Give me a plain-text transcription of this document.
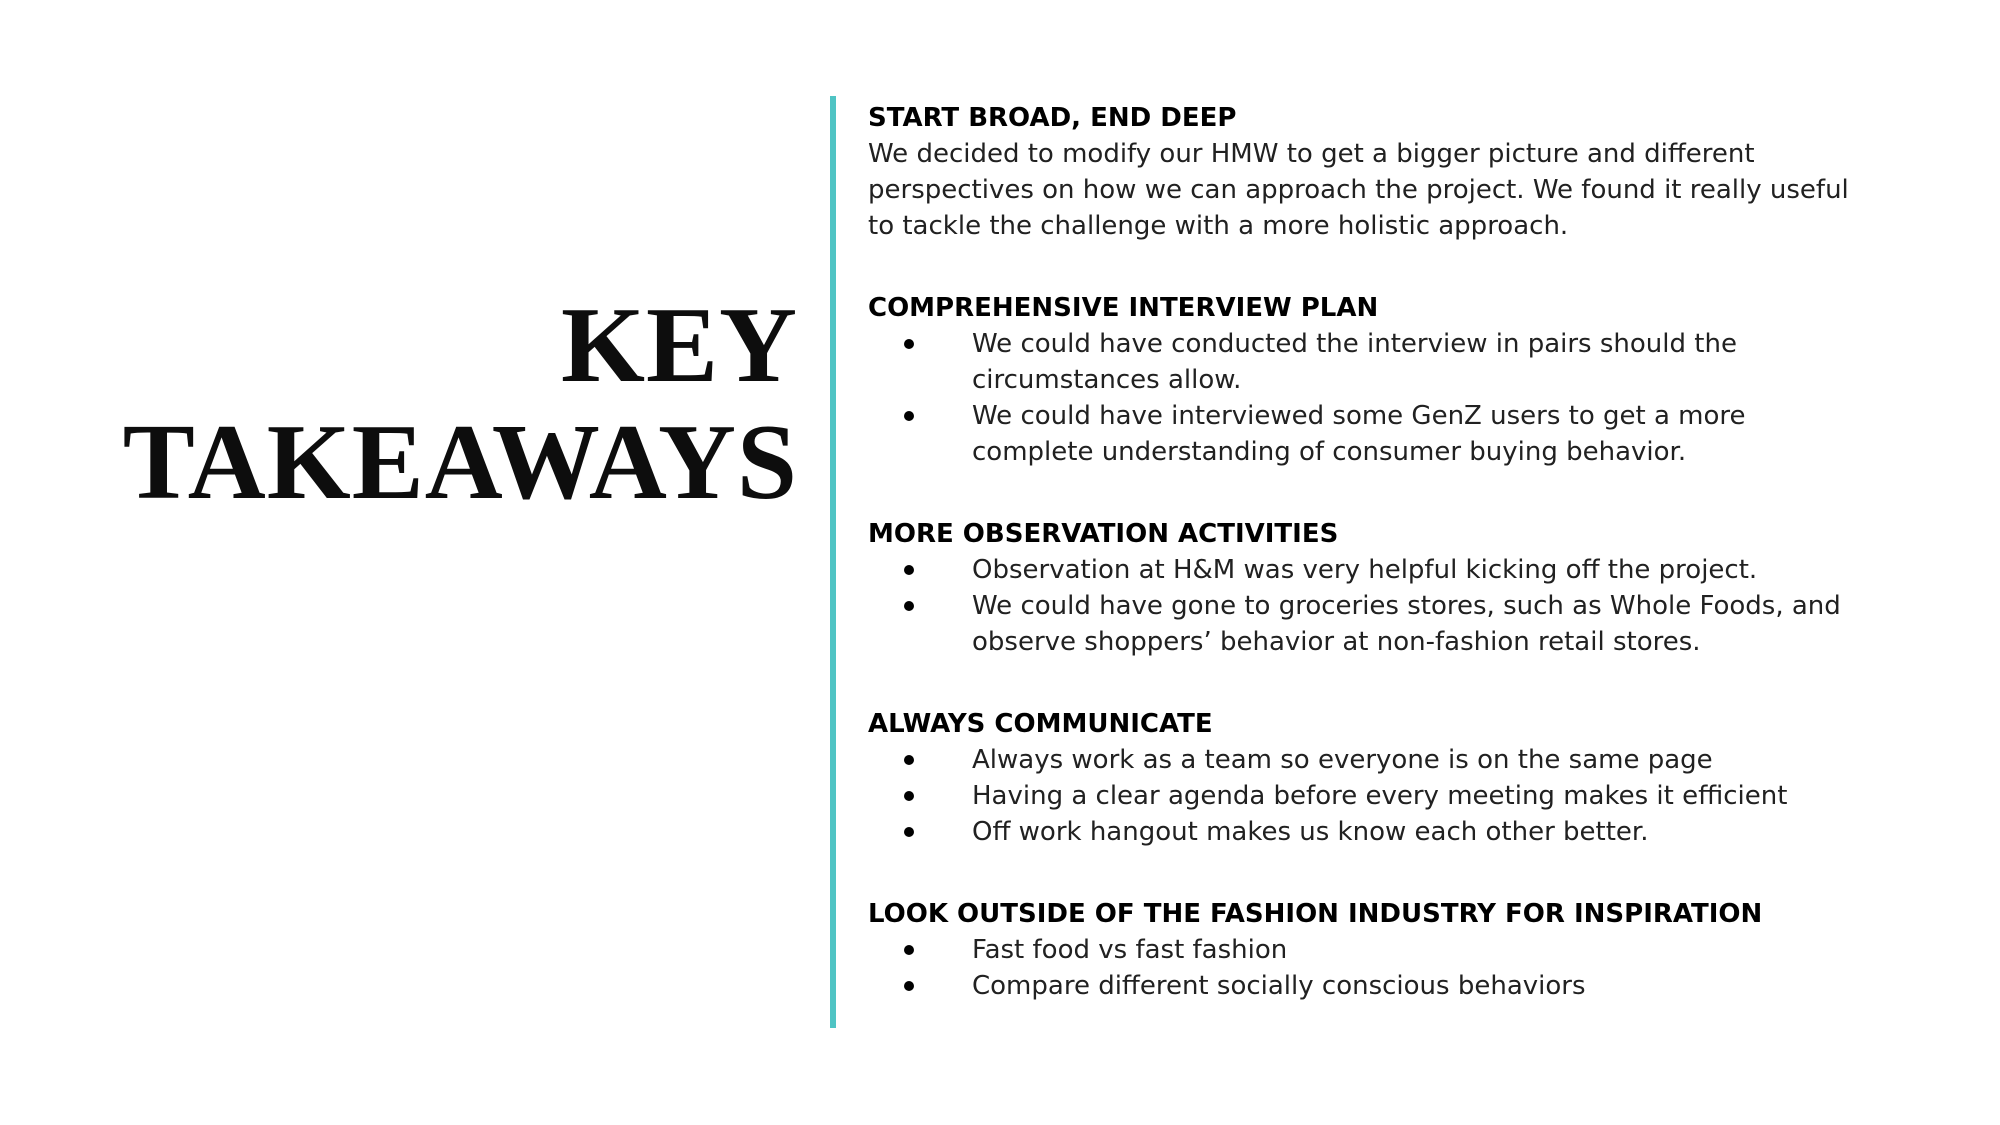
KEY
TAKEAWAYS
START BROAD, END DEEP

We decided to modify our HMW to get a bigger picture and different perspectives on how we can approach the project. We found it really useful to tackle the challenge with a more holistic approach.

COMPREHENSIVE INTERVIEW PLAN
We could have conducted the interview in pairs should the circumstances allow.
We could have interviewed some GenZ users to get a more complete understanding of consumer buying behavior.
MORE OBSERVATION ACTIVITIES
Observation at H&M was very helpful kicking off the project.
We could have gone to groceries stores, such as Whole Foods, and observe shoppers’ behavior at non-fashion retail stores.
ALWAYS COMMUNICATE
Always work as a team so everyone is on the same page
Having a clear agenda before every meeting makes it efficient
Off work hangout makes us know each other better.
LOOK OUTSIDE OF THE FASHION INDUSTRY FOR INSPIRATION
Fast food vs fast fashion
Compare different socially conscious behaviors
